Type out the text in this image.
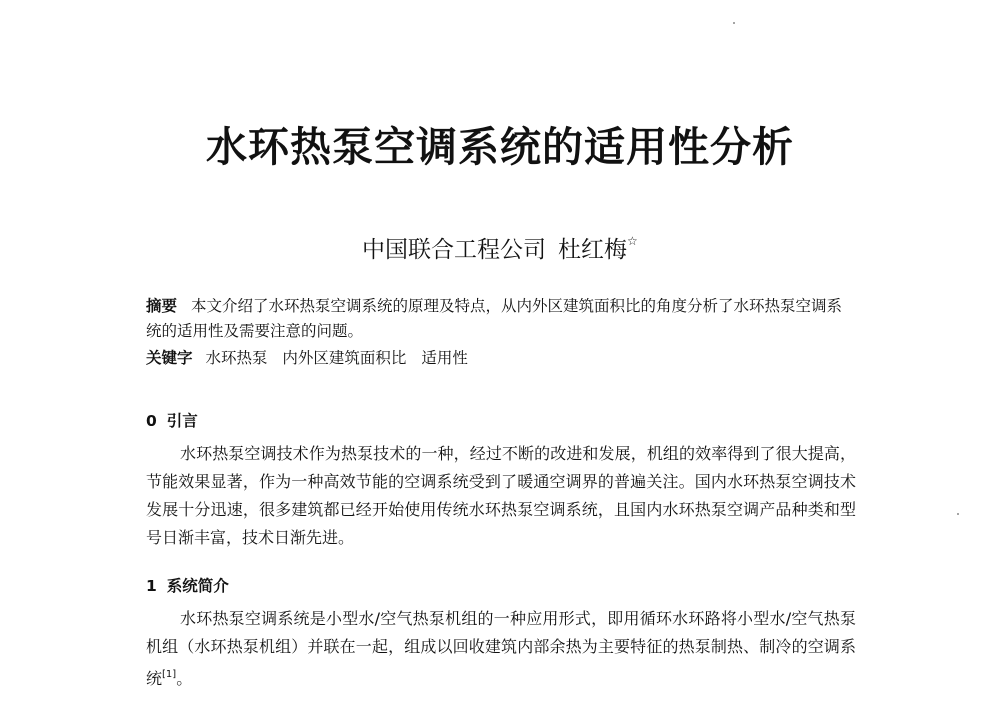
水环热泵空调系统的适用性分析
中国联合工程公司 杜红梅☆
摘要 本文介绍了水环热泵空调系统的原理及特点，从内外区建筑面积比的角度分析了水环热泵空调系统的适用性及需要注意的问题。
关键字 水环热泵 内外区建筑面积比 适用性
0 引言
水环热泵空调技术作为热泵技术的一种，经过不断的改进和发展，机组的效率得到了很大提高，节能效果显著，作为一种高效节能的空调系统受到了暖通空调界的普遍关注。国内水环热泵空调技术发展十分迅速，很多建筑都已经开始使用传统水环热泵空调系统，且国内水环热泵空调产品种类和型号日渐丰富，技术日渐先进。
1 系统简介
水环热泵空调系统是小型水/空气热泵机组的一种应用形式，即用循环水环路将小型水/空气热泵机组（水环热泵机组）并联在一起，组成以回收建筑内部余热为主要特征的热泵制热、制冷的空调系统[1]。
